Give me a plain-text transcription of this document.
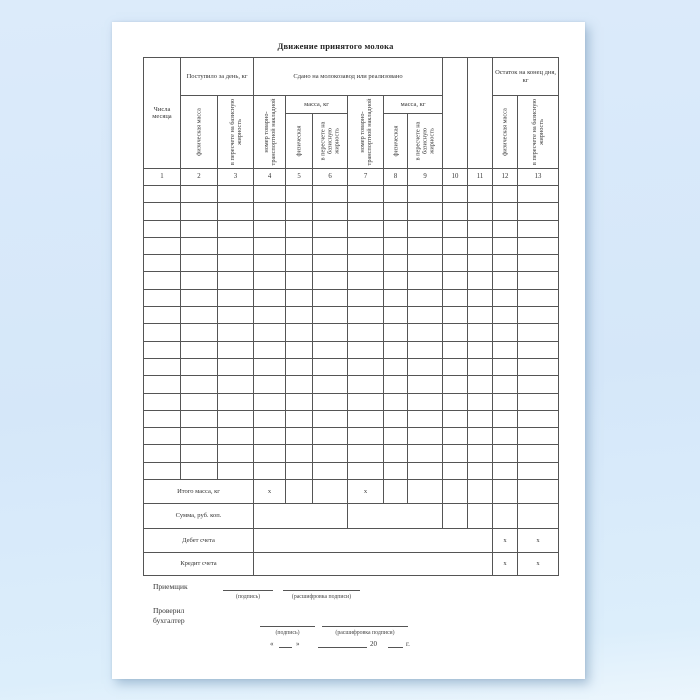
Движение принятого молока
Числа месяца	Поступило за день, кг		Сдано на молокозавод или реализовано								Остаток на конец дня, кг	

	физическая масса	в пересчете на базисную жирность	номер товарно-транспортной накладной	масса, кг		номер товарно-транспортной накладной	масса, кг				физическая масса	в пересчете на базисную жирность

				физическая	в пересчете на базисную жирность		физическая	в пересчете на базисную жирность				

1	2	3	4	5	6	7	8	9	10	11	12	13

Итого масса, кг			х			х						
Сумма, руб. коп.												
Дебет счета											х	х
Кредит счета											х	х
Приемщик
(подпись)	(расшифровка подписи)
Проверил бухгалтер
(подпись)	(расшифровка подписи)
«	»	20	г.
